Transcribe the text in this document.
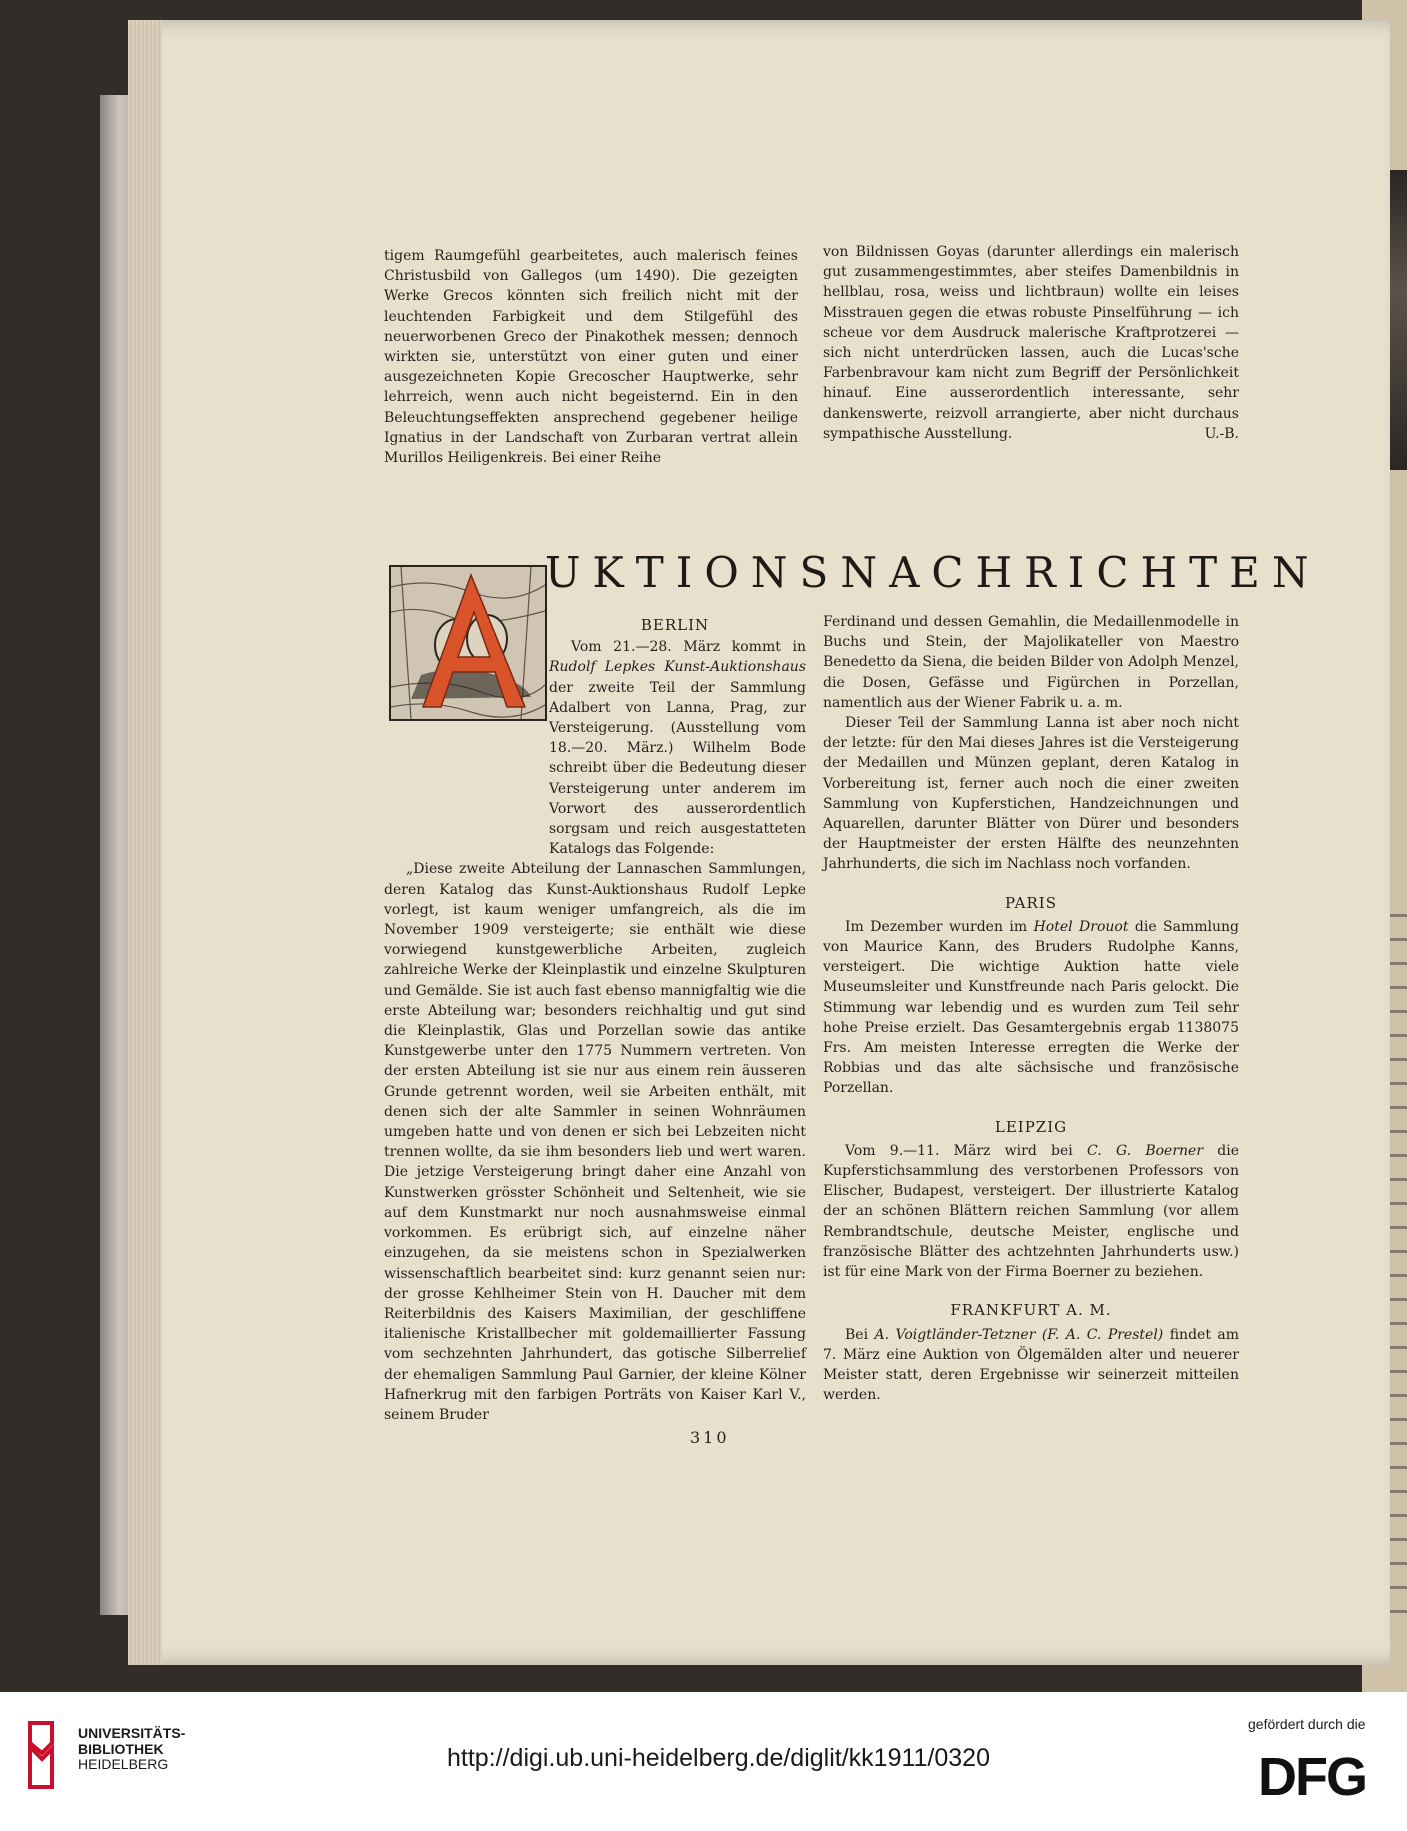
tigem Raumgefühl gearbeitetes, auch malerisch feines Christusbild von Gallegos (um 1490). Die gezeigten Werke Grecos könnten sich freilich nicht mit der leuchtenden Farbigkeit und dem Stilgefühl des neuerworbenen Greco der Pinakothek messen; dennoch wirkten sie, unterstützt von einer guten und einer ausgezeichneten Kopie Grecoscher Hauptwerke, sehr lehrreich, wenn auch nicht begeisternd. Ein in den Beleuchtungseffekten ansprechend gegebener heilige Ignatius in der Landschaft von Zurbaran vertrat allein Murillos Heiligenkreis. Bei einer Reihe

von Bildnissen Goyas (darunter allerdings ein malerisch gut zusammengestimmtes, aber steifes Damenbildnis in hellblau, rosa, weiss und lichtbraun) wollte ein leises Misstrauen gegen die etwas robuste Pinselführung — ich scheue vor dem Ausdruck malerische Kraftprotzerei — sich nicht unterdrücken lassen, auch die Lucas'sche Farbenbravour kam nicht zum Begriff der Persönlichkeit hinauf. Eine ausserordentlich interessante, sehr dankenswerte, reizvoll arrangierte, aber nicht durchaus sympathische Ausstellung.	U.-B.

UKTIONSNACHRICHTEN

BERLIN

Vom 21.—28. März kommt in Rudolf Lepkes Kunst-Auktionshaus der zweite Teil der Sammlung Adalbert von Lanna, Prag, zur Versteigerung. (Ausstellung vom 18.—20. März.) Wilhelm Bode schreibt über die Bedeutung dieser Versteigerung unter anderem im Vorwort des ausserordentlich sorgsam und reich ausgestatteten Katalogs das Folgende:

„Diese zweite Abteilung der Lannaschen Sammlungen, deren Katalog das Kunst-Auktionshaus Rudolf Lepke vorlegt, ist kaum weniger umfangreich, als die im November 1909 versteigerte; sie enthält wie diese vorwiegend kunstgewerbliche Arbeiten, zugleich zahlreiche Werke der Kleinplastik und einzelne Skulpturen und Gemälde. Sie ist auch fast ebenso mannigfaltig wie die erste Abteilung war; besonders reichhaltig und gut sind die Kleinplastik, Glas und Porzellan sowie das antike Kunstgewerbe unter den 1775 Nummern vertreten. Von der ersten Abteilung ist sie nur aus einem rein äusseren Grunde getrennt worden, weil sie Arbeiten enthält, mit denen sich der alte Sammler in seinen Wohnräumen umgeben hatte und von denen er sich bei Lebzeiten nicht trennen wollte, da sie ihm besonders lieb und wert waren. Die jetzige Versteigerung bringt daher eine Anzahl von Kunstwerken grösster Schönheit und Seltenheit, wie sie auf dem Kunstmarkt nur noch ausnahmsweise einmal vorkommen. Es erübrigt sich, auf einzelne näher einzugehen, da sie meistens schon in Spezialwerken wissenschaftlich bearbeitet sind: kurz genannt seien nur: der grosse Kehlheimer Stein von H. Daucher mit dem Reiterbildnis des Kaisers Maximilian, der geschliffene italienische Kristallbecher mit goldemaillierter Fassung vom sechzehnten Jahrhundert, das gotische Silberrelief der ehemaligen Sammlung Paul Garnier, der kleine Kölner Hafnerkrug mit den farbigen Porträts von Kaiser Karl V., seinem Bruder

Ferdinand und dessen Gemahlin, die Medaillenmodelle in Buchs und Stein, der Majolikateller von Maestro Benedetto da Siena, die beiden Bilder von Adolph Menzel, die Dosen, Gefässe und Figürchen in Porzellan, namentlich aus der Wiener Fabrik u. a. m.

Dieser Teil der Sammlung Lanna ist aber noch nicht der letzte: für den Mai dieses Jahres ist die Versteigerung der Medaillen und Münzen geplant, deren Katalog in Vorbereitung ist, ferner auch noch die einer zweiten Sammlung von Kupferstichen, Handzeichnungen und Aquarellen, darunter Blätter von Dürer und besonders der Hauptmeister der ersten Hälfte des neunzehnten Jahrhunderts, die sich im Nachlass noch vorfanden.

PARIS

Im Dezember wurden im Hotel Drouot die Sammlung von Maurice Kann, des Bruders Rudolphe Kanns, versteigert. Die wichtige Auktion hatte viele Museumsleiter und Kunstfreunde nach Paris gelockt. Die Stimmung war lebendig und es wurden zum Teil sehr hohe Preise erzielt. Das Gesamtergebnis ergab 1138075 Frs. Am meisten Interesse erregten die Werke der Robbias und das alte sächsische und französische Porzellan.

LEIPZIG

Vom 9.—11. März wird bei C. G. Boerner die Kupferstichsammlung des verstorbenen Professors von Elischer, Budapest, versteigert. Der illustrierte Katalog der an schönen Blättern reichen Sammlung (vor allem Rembrandtschule, deutsche Meister, englische und französische Blätter des achtzehnten Jahrhunderts usw.) ist für eine Mark von der Firma Boerner zu beziehen.

FRANKFURT A. M.

Bei A. Voigtländer-Tetzner (F. A. C. Prestel) findet am 7. März eine Auktion von Ölgemälden alter und neuerer Meister statt, deren Ergebnisse wir seinerzeit mitteilen werden.

310
UNIVERSITÄTS-
BIBLIOTHEK
HEIDELBERG	http://digi.ub.uni-heidelberg.de/diglit/kk1911/0320
gefördert durch die
DFG
